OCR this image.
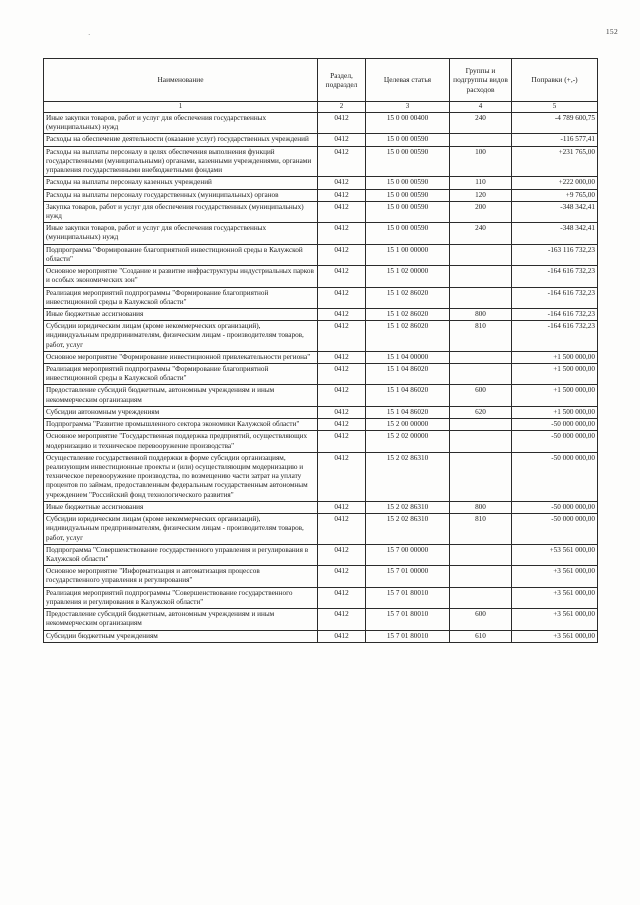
·	152
Наименование	Раздел, подраздел	Целевая статья	Группы и подгруппы видов расходов	Поправки (+,-)
1	2	3	4	5
Иные закупки товаров, работ и услуг для обеспечения государственных (муниципальных) нужд	0412	15 0 00 00400	240	-4 789 600,75
Расходы на обеспечение деятельности (оказание услуг) государственных учреждений	0412	15 0 00 00590		-116 577,41
Расходы на выплаты персоналу в целях обеспечения выполнения функций государственными (муниципальными) органами, казенными учреждениями, органами управления государственными внебюджетными фондами	0412	15 0 00 00590	100	+231 765,00
Расходы на выплаты персоналу казенных учреждений	0412	15 0 00 00590	110	+222 000,00
Расходы на выплаты персоналу государственных (муниципальных) органов	0412	15 0 00 00590	120	+9 765,00
Закупка товаров, работ и услуг для обеспечения государственных (муниципальных) нужд	0412	15 0 00 00590	200	-348 342,41
Иные закупки товаров, работ и услуг для обеспечения государственных (муниципальных) нужд	0412	15 0 00 00590	240	-348 342,41
Подпрограмма "Формирование благоприятной инвестиционной среды в Калужской области"	0412	15 1 00 00000		-163 116 732,23
Основное мероприятие "Создание и развитие инфраструктуры индустриальных парков и особых экономических зон"	0412	15 1 02 00000		-164 616 732,23
Реализация мероприятий подпрограммы "Формирование благоприятной инвестиционной среды в Калужской области"	0412	15 1 02 86020		-164 616 732,23
Иные бюджетные ассигнования	0412	15 1 02 86020	800	-164 616 732,23
Субсидии юридическим лицам (кроме некоммерческих организаций), индивидуальным предпринимателям, физическим лицам - производителям товаров, работ, услуг	0412	15 1 02 86020	810	-164 616 732,23
Основное мероприятие "Формирование инвестиционной привлекательности региона"	0412	15 1 04 00000		+1 500 000,00
Реализация мероприятий подпрограммы "Формирование благоприятной инвестиционной среды в Калужской области"	0412	15 1 04 86020		+1 500 000,00
Предоставление субсидий бюджетным, автономным учреждениям и иным некоммерческим организациям	0412	15 1 04 86020	600	+1 500 000,00
Субсидии автономным учреждениям	0412	15 1 04 86020	620	+1 500 000,00
Подпрограмма "Развитие промышленного сектора экономики Калужской области"	0412	15 2 00 00000		-50 000 000,00
Основное мероприятие "Государственная поддержка предприятий, осуществляющих модернизацию и техническое перевооружение производства"	0412	15 2 02 00000		-50 000 000,00
Осуществление государственной поддержки в форме субсидии организациям, реализующим инвестиционные проекты и (или) осуществляющим модернизацию и техническое перевооружение производства, по возмещению части затрат на уплату процентов по займам, предоставленным федеральным государственным автономным учреждением "Российский фонд технологического развития"	0412	15 2 02 86310		-50 000 000,00
Иные бюджетные ассигнования	0412	15 2 02 86310	800	-50 000 000,00
Субсидии юридическим лицам (кроме некоммерческих организаций), индивидуальным предпринимателям, физическим лицам - производителям товаров, работ, услуг	0412	15 2 02 86310	810	-50 000 000,00
Подпрограмма "Совершенствование государственного управления и регулирования в Калужской области"	0412	15 7 00 00000		+53 561 000,00
Основное мероприятие "Информатизация и автоматизация процессов государственного управления и регулирования"	0412	15 7 01 00000		+3 561 000,00
Реализация мероприятий подпрограммы "Совершенствование государственного управления и регулирования в Калужской области"	0412	15 7 01 80010		+3 561 000,00
Предоставление субсидий бюджетным, автономным учреждениям и иным некоммерческим организациям	0412	15 7 01 80010	600	+3 561 000,00
Субсидии бюджетным учреждениям	0412	15 7 01 80010	610	+3 561 000,00
